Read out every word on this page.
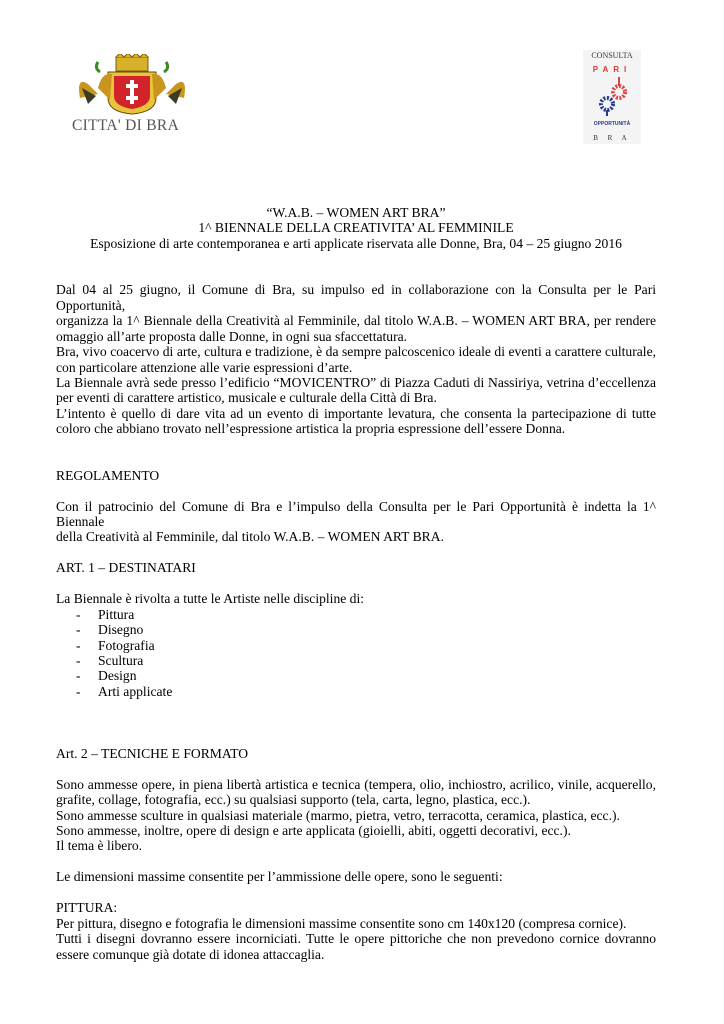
CITTA' DI BRA
CONSULTA
PARI
OPPORTUNITÀ
B R A
“W.A.B. – WOMEN ART BRA”
1^ BIENNALE DELLA CREATIVITA’ AL FEMMINILE
Esposizione di arte contemporanea e arti applicate riservata alle Donne, Bra, 04 – 25 giugno 2016
Dal 04 al 25 giugno, il Comune di Bra, su impulso ed in collaborazione con la Consulta per le Pari Opportunità,
organizza la 1^ Biennale della Creatività al Femminile, dal titolo W.A.B. – WOMEN ART BRA, per rendere
omaggio all’arte proposta dalle Donne, in ogni sua sfaccettatura.
Bra, vivo coacervo di arte, cultura e tradizione, è da sempre palcoscenico ideale di eventi a carattere culturale,
con particolare attenzione alle varie espressioni d’arte.
La Biennale avrà sede presso l’edificio “MOVICENTRO” di Piazza Caduti di Nassiriya, vetrina d’eccellenza
per eventi di carattere artistico, musicale e culturale della Città di Bra.
L’intento è quello di dare vita ad un evento di importante levatura, che consenta la partecipazione di tutte
coloro che abbiano trovato nell’espressione artistica la propria espressione dell’essere Donna.
REGOLAMENTO
Con il patrocinio del Comune di Bra e l’impulso della Consulta per le Pari Opportunità è indetta la 1^ Biennale
della Creatività al Femminile, dal titolo W.A.B. – WOMEN ART BRA.
ART. 1 – DESTINATARI
La Biennale è rivolta a tutte le Artiste nelle discipline di:
- Pittura
- Disegno
- Fotografia
- Scultura
- Design
- Arti applicate
Art. 2 – TECNICHE E FORMATO
Sono ammesse opere, in piena libertà artistica e tecnica (tempera, olio, inchiostro, acrilico, vinile, acquerello,
grafite, collage, fotografia, ecc.) su qualsiasi supporto (tela, carta, legno, plastica, ecc.).
Sono ammesse sculture in qualsiasi materiale (marmo, pietra, vetro, terracotta, ceramica, plastica, ecc.).
Sono ammesse, inoltre, opere di design e arte applicata (gioielli, abiti, oggetti decorativi, ecc.).
Il tema è libero.
Le dimensioni massime consentite per l’ammissione delle opere, sono le seguenti:
PITTURA:
Per pittura, disegno e fotografia le dimensioni massime consentite sono cm 140x120 (compresa cornice).
Tutti i disegni dovranno essere incorniciati. Tutte le opere pittoriche che non prevedono cornice dovranno
essere comunque già dotate di idonea attaccaglia.
